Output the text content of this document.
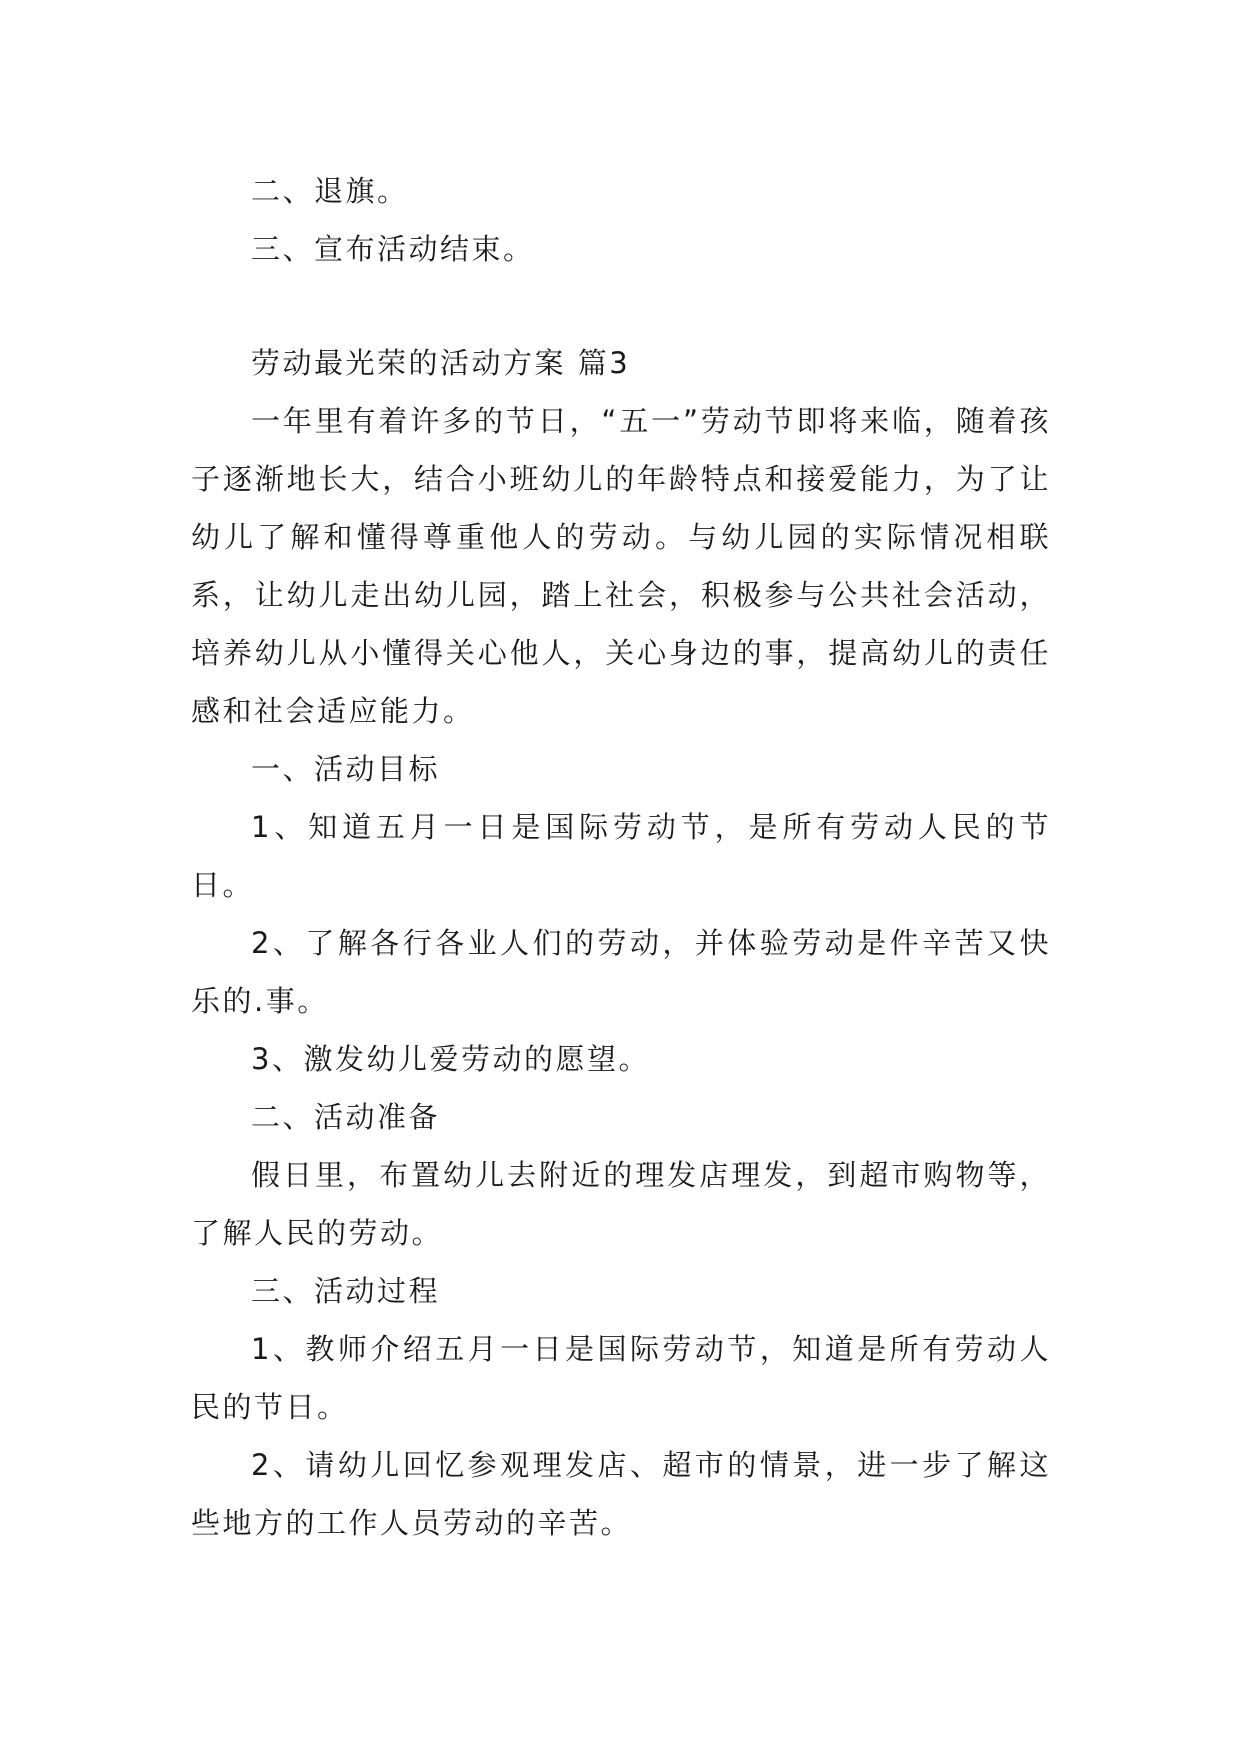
二、退旗。

三、宣布活动结束。

劳动最光荣的活动方案 篇3

一年里有着许多的节日，“五一”劳动节即将来临，随着孩子逐渐地长大，结合小班幼儿的年龄特点和接爱能力，为了让幼儿了解和懂得尊重他人的劳动。与幼儿园的实际情况相联系，让幼儿走出幼儿园，踏上社会，积极参与公共社会活动，培养幼儿从小懂得关心他人，关心身边的事，提高幼儿的责任感和社会适应能力。

一、活动目标

1、知道五月一日是国际劳动节，是所有劳动人民的节日。

2、了解各行各业人们的劳动，并体验劳动是件辛苦又快乐的.事。

3、激发幼儿爱劳动的愿望。

二、活动准备

假日里，布置幼儿去附近的理发店理发，到超市购物等，了解人民的劳动。

三、活动过程

1、教师介绍五月一日是国际劳动节，知道是所有劳动人民的节日。

2、请幼儿回忆参观理发店、超市的情景，进一步了解这些地方的工作人员劳动的辛苦。
